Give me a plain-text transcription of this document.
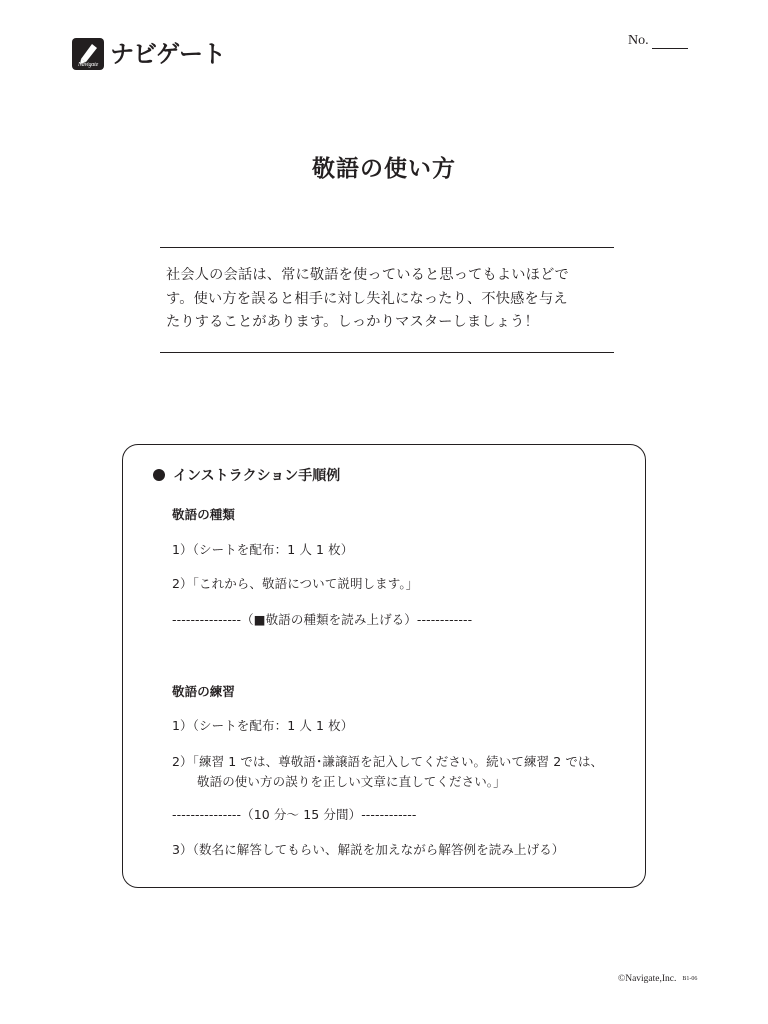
Navigate ナビゲート	No.
敬語の使い方
社会人の会話は、常に敬語を使っていると思ってもよいほどで
す。使い方を誤ると相手に対し失礼になったり、不快感を与え
たりすることがあります。しっかりマスターしましょう！
インストラクション手順例
敬語の種類
1）（シートを配布：1 人 1 枚）
2）「これから、敬語について説明します。」
---------------（■敬語の種類を読み上げる）------------
敬語の練習
1）（シートを配布：1 人 1 枚）
2）「練習 1 では、尊敬語･謙譲語を記入してください。続いて練習 2 では、
敬語の使い方の誤りを正しい文章に直してください。」
---------------（10 分～ 15 分間）------------
3）（数名に解答してもらい、解説を加えながら解答例を読み上げる）
©Navigate,Inc. B1-06
